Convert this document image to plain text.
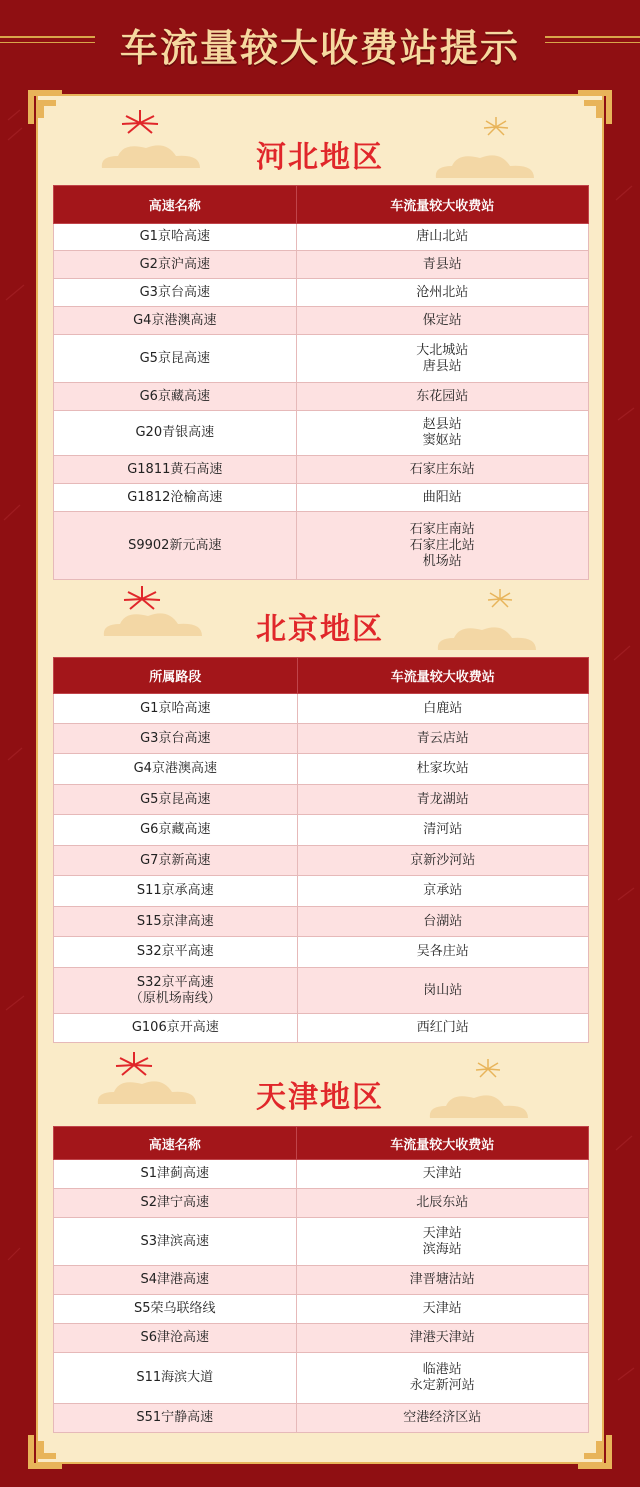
车流量较大收费站提示
河北地区
高速名称	车流量较大收费站

G1京哈高速	唐山北站

G2京沪高速	青县站

G3京台高速	沧州北站

G4京港澳高速	保定站

G5京昆高速	大北城站
唐县站

G6京藏高速	东花园站

G20青银高速	赵县站
窦妪站

G1811黄石高速	石家庄东站

G1812沧榆高速	曲阳站

S9902新元高速	石家庄南站
石家庄北站
机场站
北京地区
所属路段	车流量较大收费站

G1京哈高速	白鹿站

G3京台高速	青云店站

G4京港澳高速	杜家坎站

G5京昆高速	青龙湖站

G6京藏高速	清河站

G7京新高速	京新沙河站

S11京承高速	京承站

S15京津高速	台湖站

S32京平高速	吴各庄站

S32京平高速
（原机场南线）	岗山站

G106京开高速	西红门站
天津地区
高速名称	车流量较大收费站

S1津蓟高速	天津站

S2津宁高速	北辰东站

S3津滨高速	天津站
滨海站

S4津港高速	津晋塘沽站

S5荣乌联络线	天津站

S6津沧高速	津港天津站

S11海滨大道	临港站
永定新河站

S51宁静高速	空港经济区站
